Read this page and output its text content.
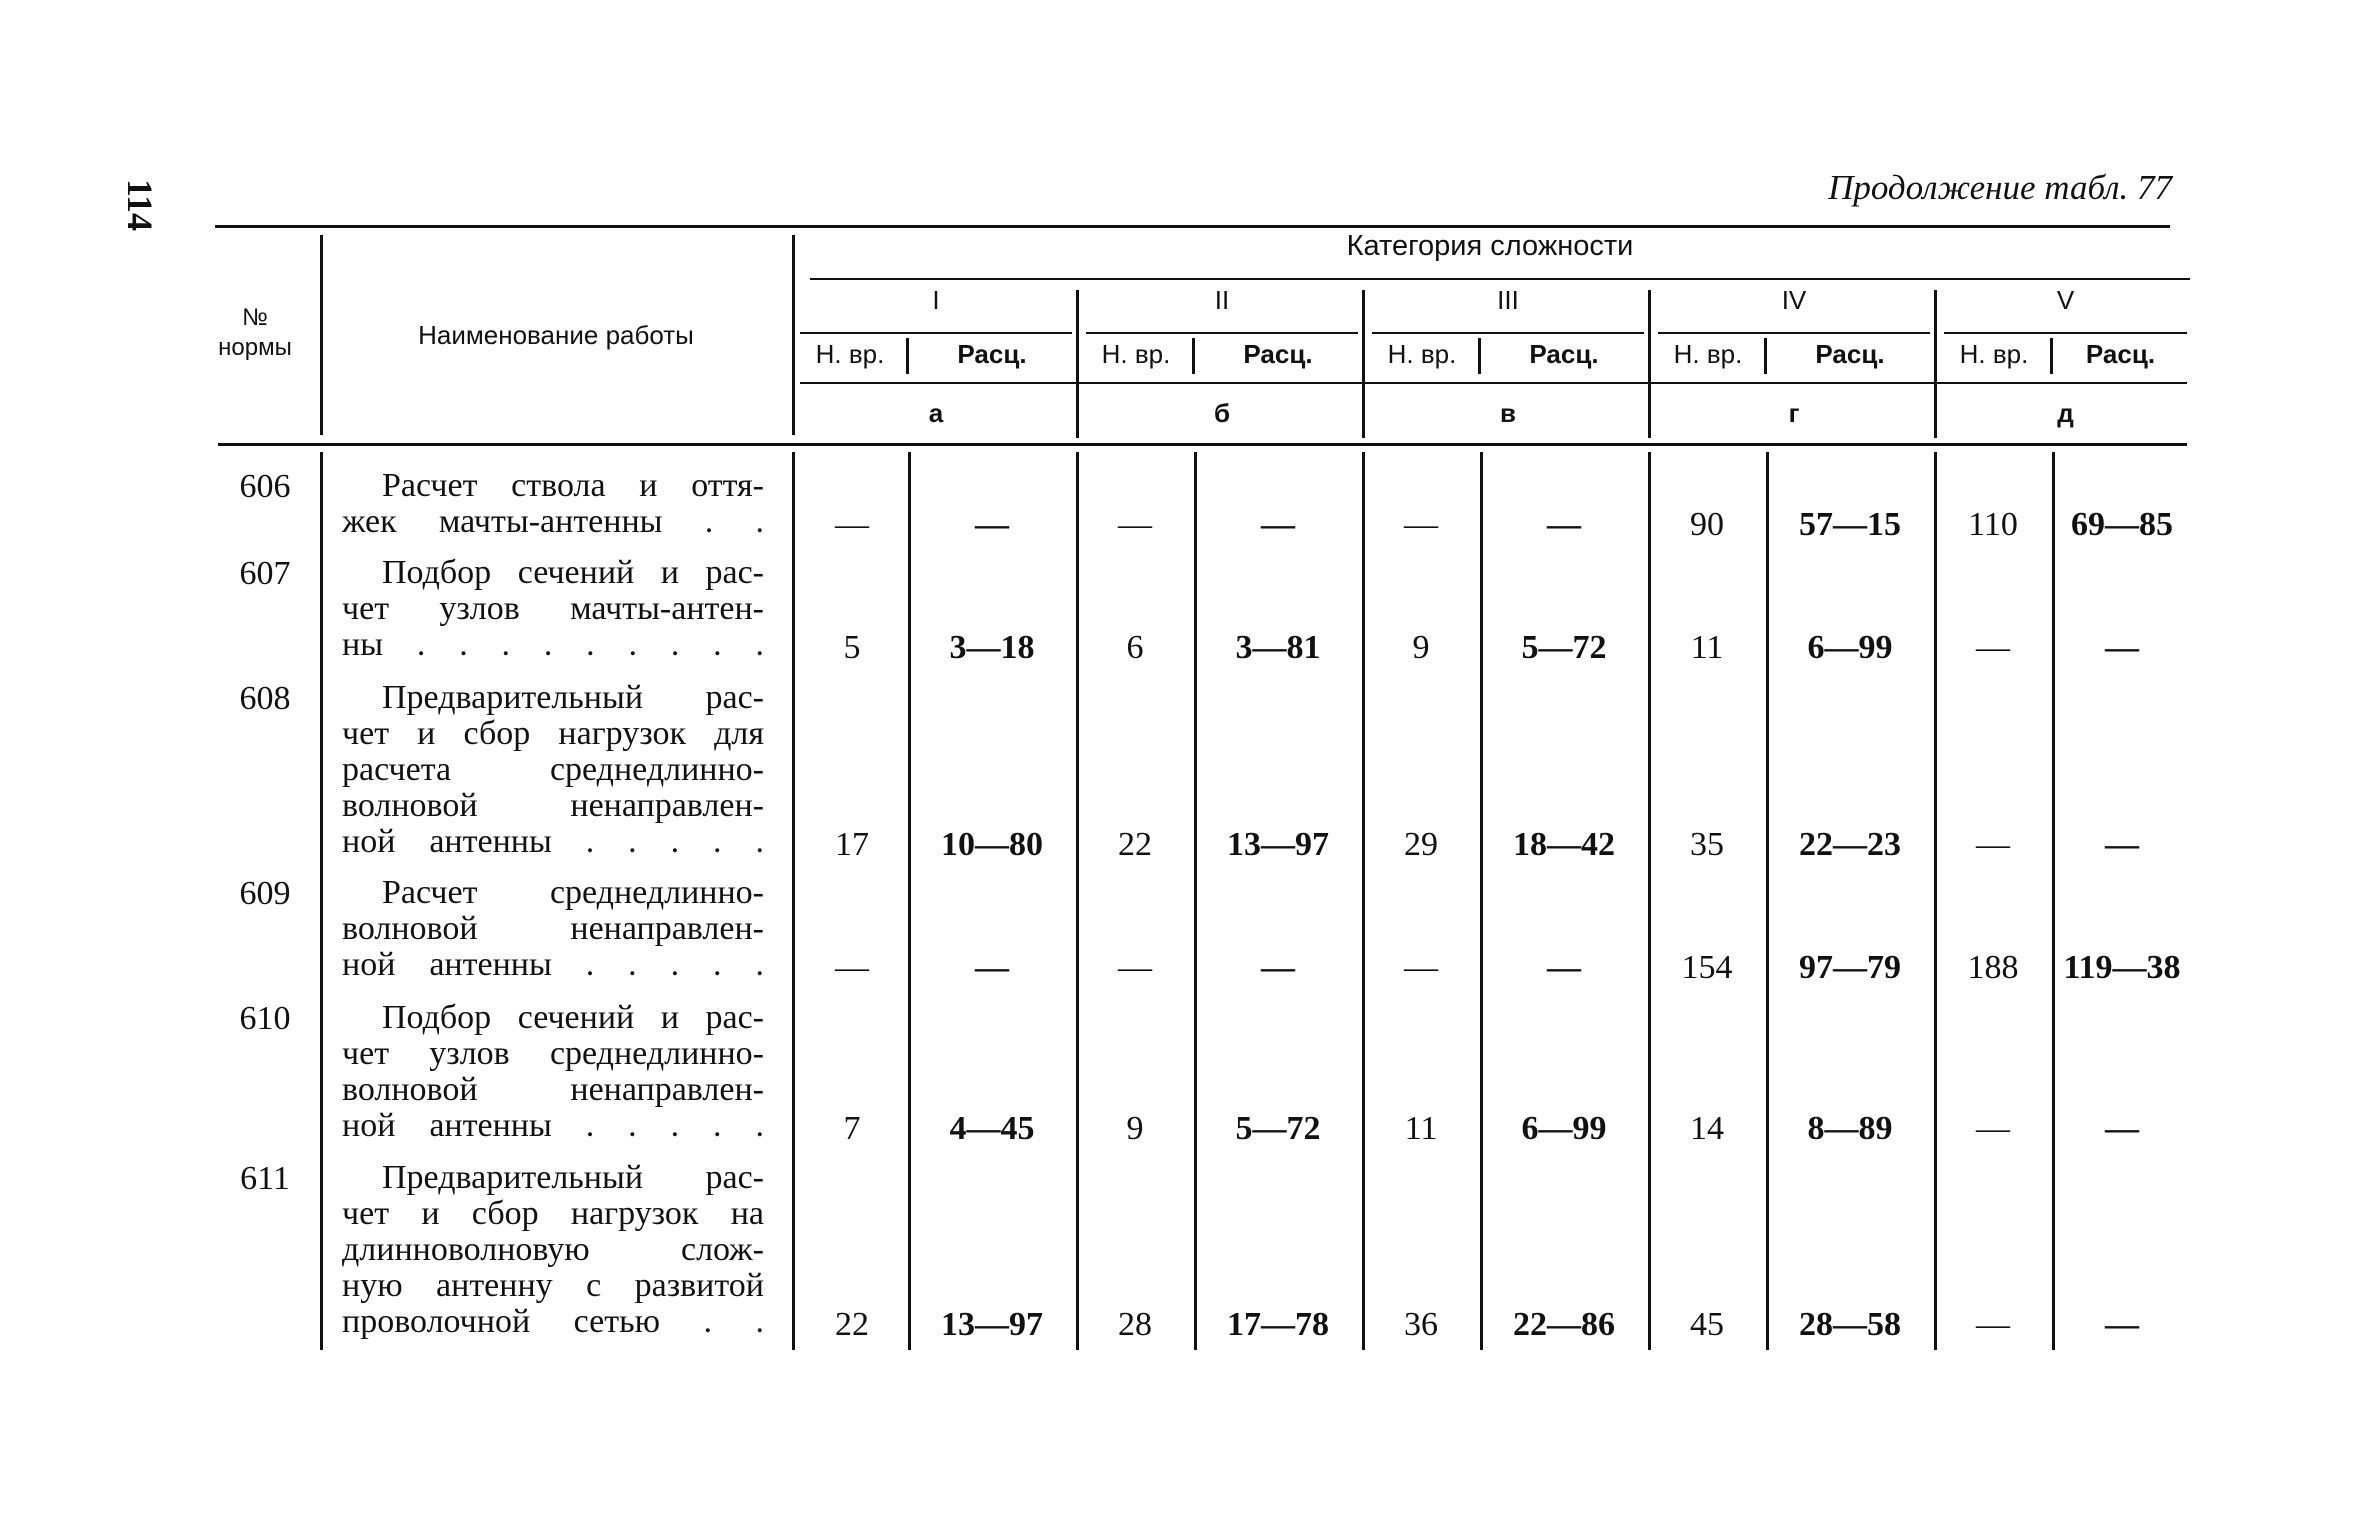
114	Продолжение табл. 77
№
нормы	Наименование работы
Категория сложности
I	II	III	IV	V
Н. вр.	Расц.	Н. вр.	Расц.	Н. вр.	Расц.	Н. вр.	Расц.	Н. вр.	Расц.
а	б	в	г	д
606	Расчет ствола и оття-
жек мачты-антенны . .	—	—	—	—	—	—	90	57—15	110	69—85
607	Подбор сечений и рас-
чет узлов мачты-антен-
ны . . . . . . . . .	5	3—18	6	3—81	9	5—72	11	6—99	—	—
608	Предварительный рас-
чет и сбор нагрузок для
расчета среднедлинно-
волновой ненаправлен-
ной антенны . . . . .	17	10—80	22	13—97	29	18—42	35	22—23	—	—
609	Расчет среднедлинно-
волновой ненаправлен-
ной антенны . . . . .	—	—	—	—	—	—	154	97—79	188	119—38
610	Подбор сечений и рас-
чет узлов среднедлинно-
волновой ненаправлен-
ной антенны . . . . .	7	4—45	9	5—72	11	6—99	14	8—89	—	—
611	Предварительный рас-
чет и сбор нагрузок на
длинноволновую слож-
ную антенну с развитой
проволочной сетью . .	22	13—97	28	17—78	36	22—86	45	28—58	—	—
